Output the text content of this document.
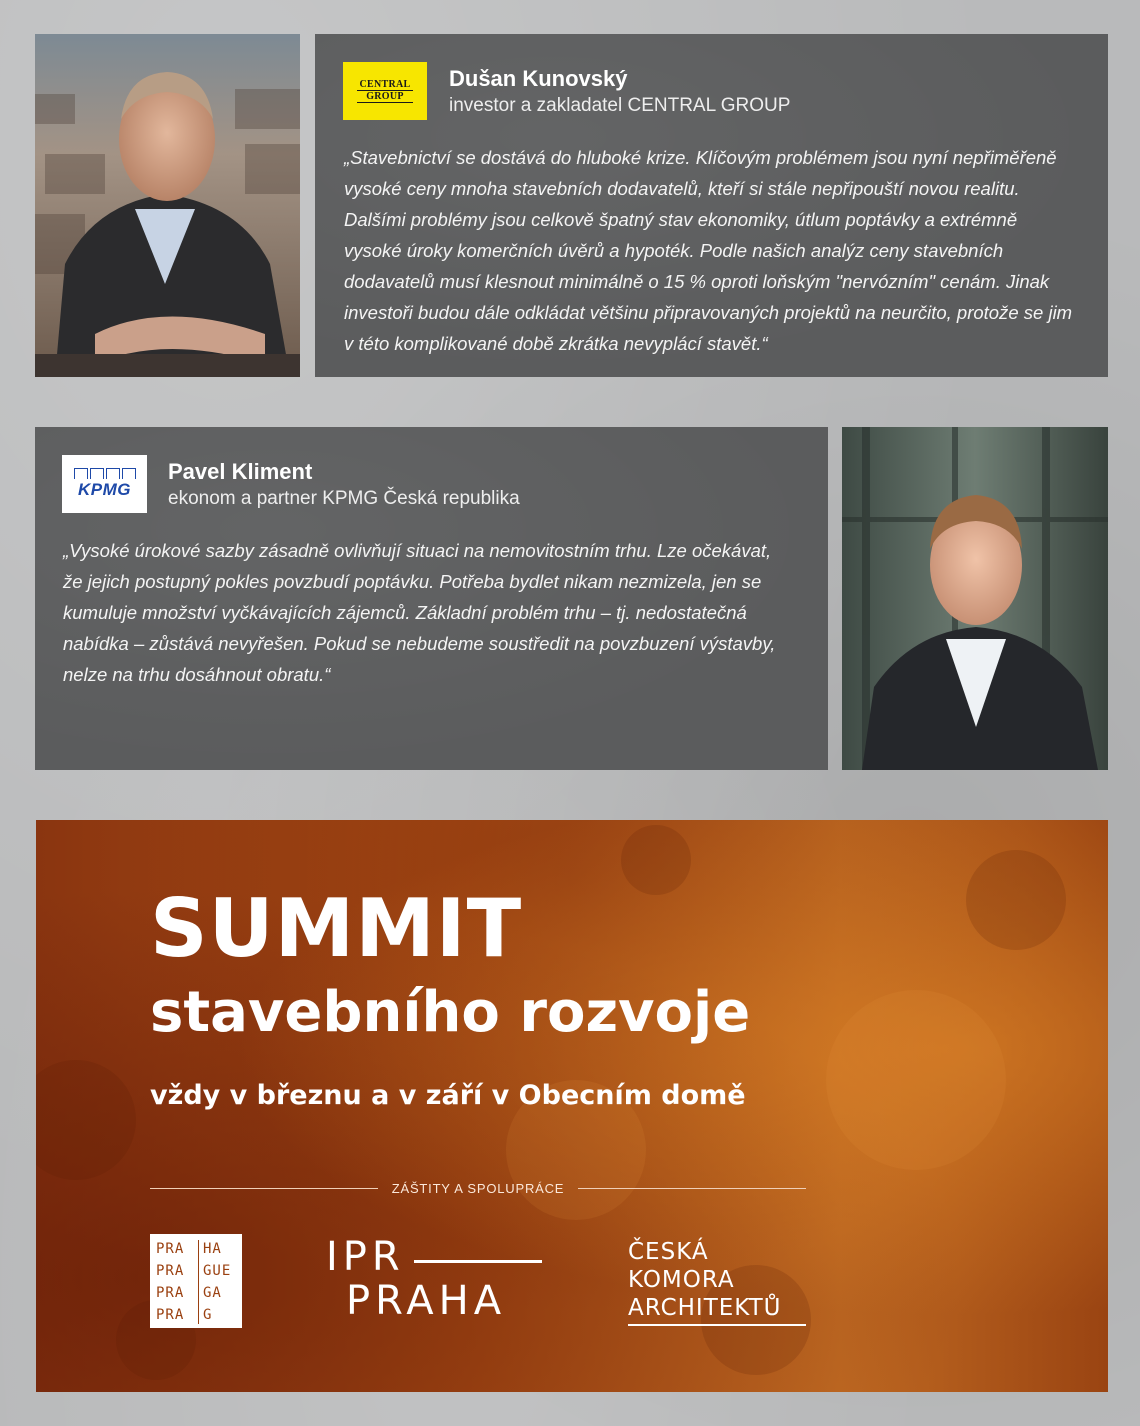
CENTRAL
GROUP
Dušan Kunovský
investor a zakladatel CENTRAL GROUP
„Stavebnictví se dostává do hluboké krize. Klíčovým problémem jsou nyní nepřiměřeně
vysoké ceny mnoha stavebních dodavatelů, kteří si stále nepřipouští novou realitu.
Dalšími problémy jsou celkově špatný stav ekonomiky, útlum poptávky a extrémně
vysoké úroky komerčních úvěrů a hypoték. Podle našich analýz ceny stavebních
dodavatelů musí klesnout minimálně o 15 % oproti loňským "nervózním" cenám. Jinak
investoři budou dále odkládat většinu připravovaných projektů na neurčito, protože se jim
v této komplikované době zkrátka nevyplácí stavět.“
KPMG
Pavel Kliment
ekonom a partner KPMG Česká republika
„Vysoké úrokové sazby zásadně ovlivňují situaci na nemovitostním trhu. Lze očekávat,
že jejich postupný pokles povzbudí poptávku. Potřeba bydlet nikam nezmizela, jen se
kumuluje množství vyčkávajících zájemců. Základní problém trhu – tj. nedostatečná
nabídka – zůstává nevyřešen. Pokud se nebudeme soustředit na povzbuzení výstavby,
nelze na trhu dosáhnout obratu.“
SUMMIT
stavebního rozvoje
vždy v březnu a v září v Obecním domě
ZÁŠTITY A SPOLUPRÁCE
PRA
PRA
PRA
PRA
HA
GUE
GA
G
IPR
PRAHA
ČESKÁ
KOMORA
ARCHITEKTŮ
